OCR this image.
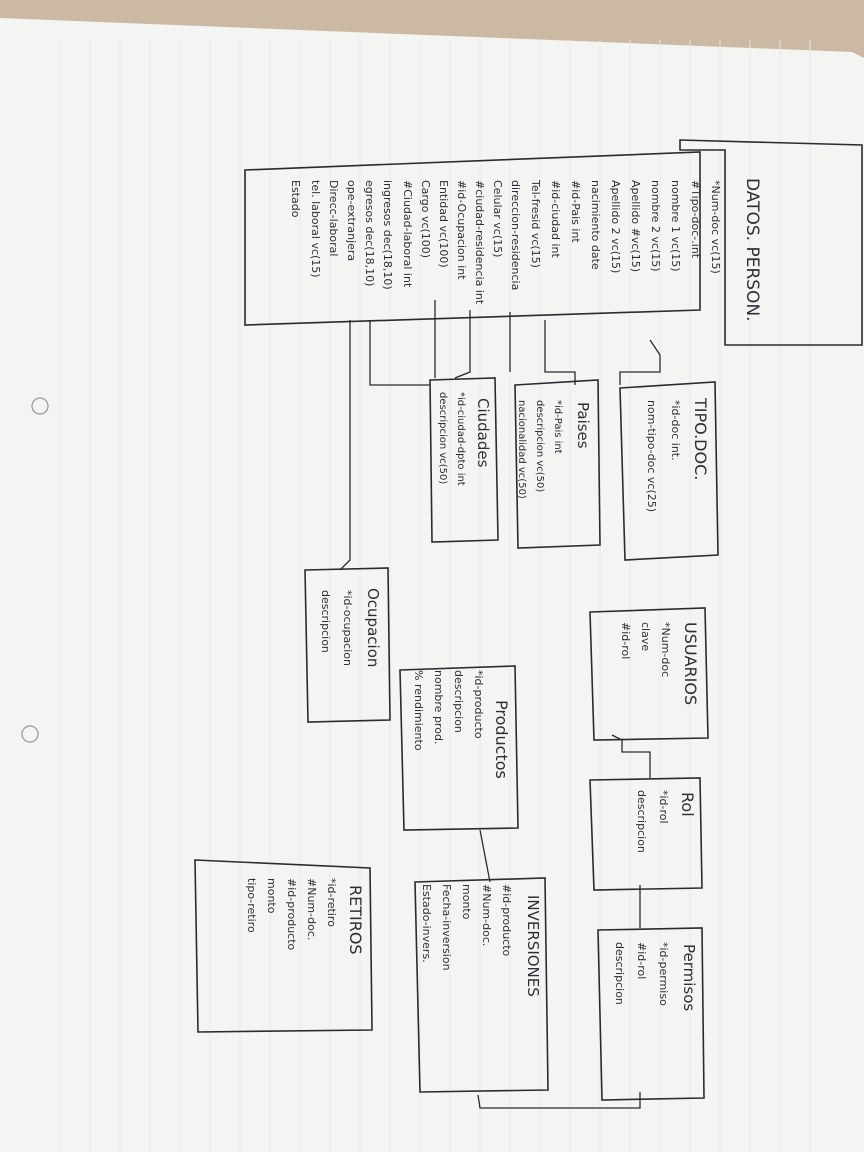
DATOS. PERSON.
*Num-doc vc(15)
#Tipo-doc-.int
nombre 1 vc(15)
nombre 2 vc(15)
Apellido #vc(15)
Apellido 2 vc(15)
nacimiento date
#id-Pais int
#id-ciudad int
Tel-fresid vc(15)
direccion-residencia
Celular vc(15)
#ciudad-residencia int
#id-Ocupacion int
Entidad vc(100)
Cargo vc(100)
#Ciudad-laboral int
ingresos dec(18,10)
egresos dec(18,10)
ope-extranjera
Direcc-laboral
tel. laboral vc(15)
Estado
TIPO.DOC.
*id-doc int.
nom-tipo-doc vc(25)
Paises
*id-Pais int
descripcion vc(50)
nacionalidad vc(50)
Ciudades
*id-ciudad-dpto int
descripcion vc(50)
Ocupacion
*id-ocupacion
descripcion
USUARIOS
*Num-doc
clave
#id-rol
Rol
*id-rol
descripcion
Permisos
*id-permiso
#id-rol
descripcion
Productos
*id-producto
descripcion
nombre prod.
% rendimiento
INVERSIONES
#id-producto
#Num-doc.
monto
Fecha-inversion
Estado-invers.
RETIROS
*id-retiro
#Num-doc.
#id-producto
monto
tipo-retiro
